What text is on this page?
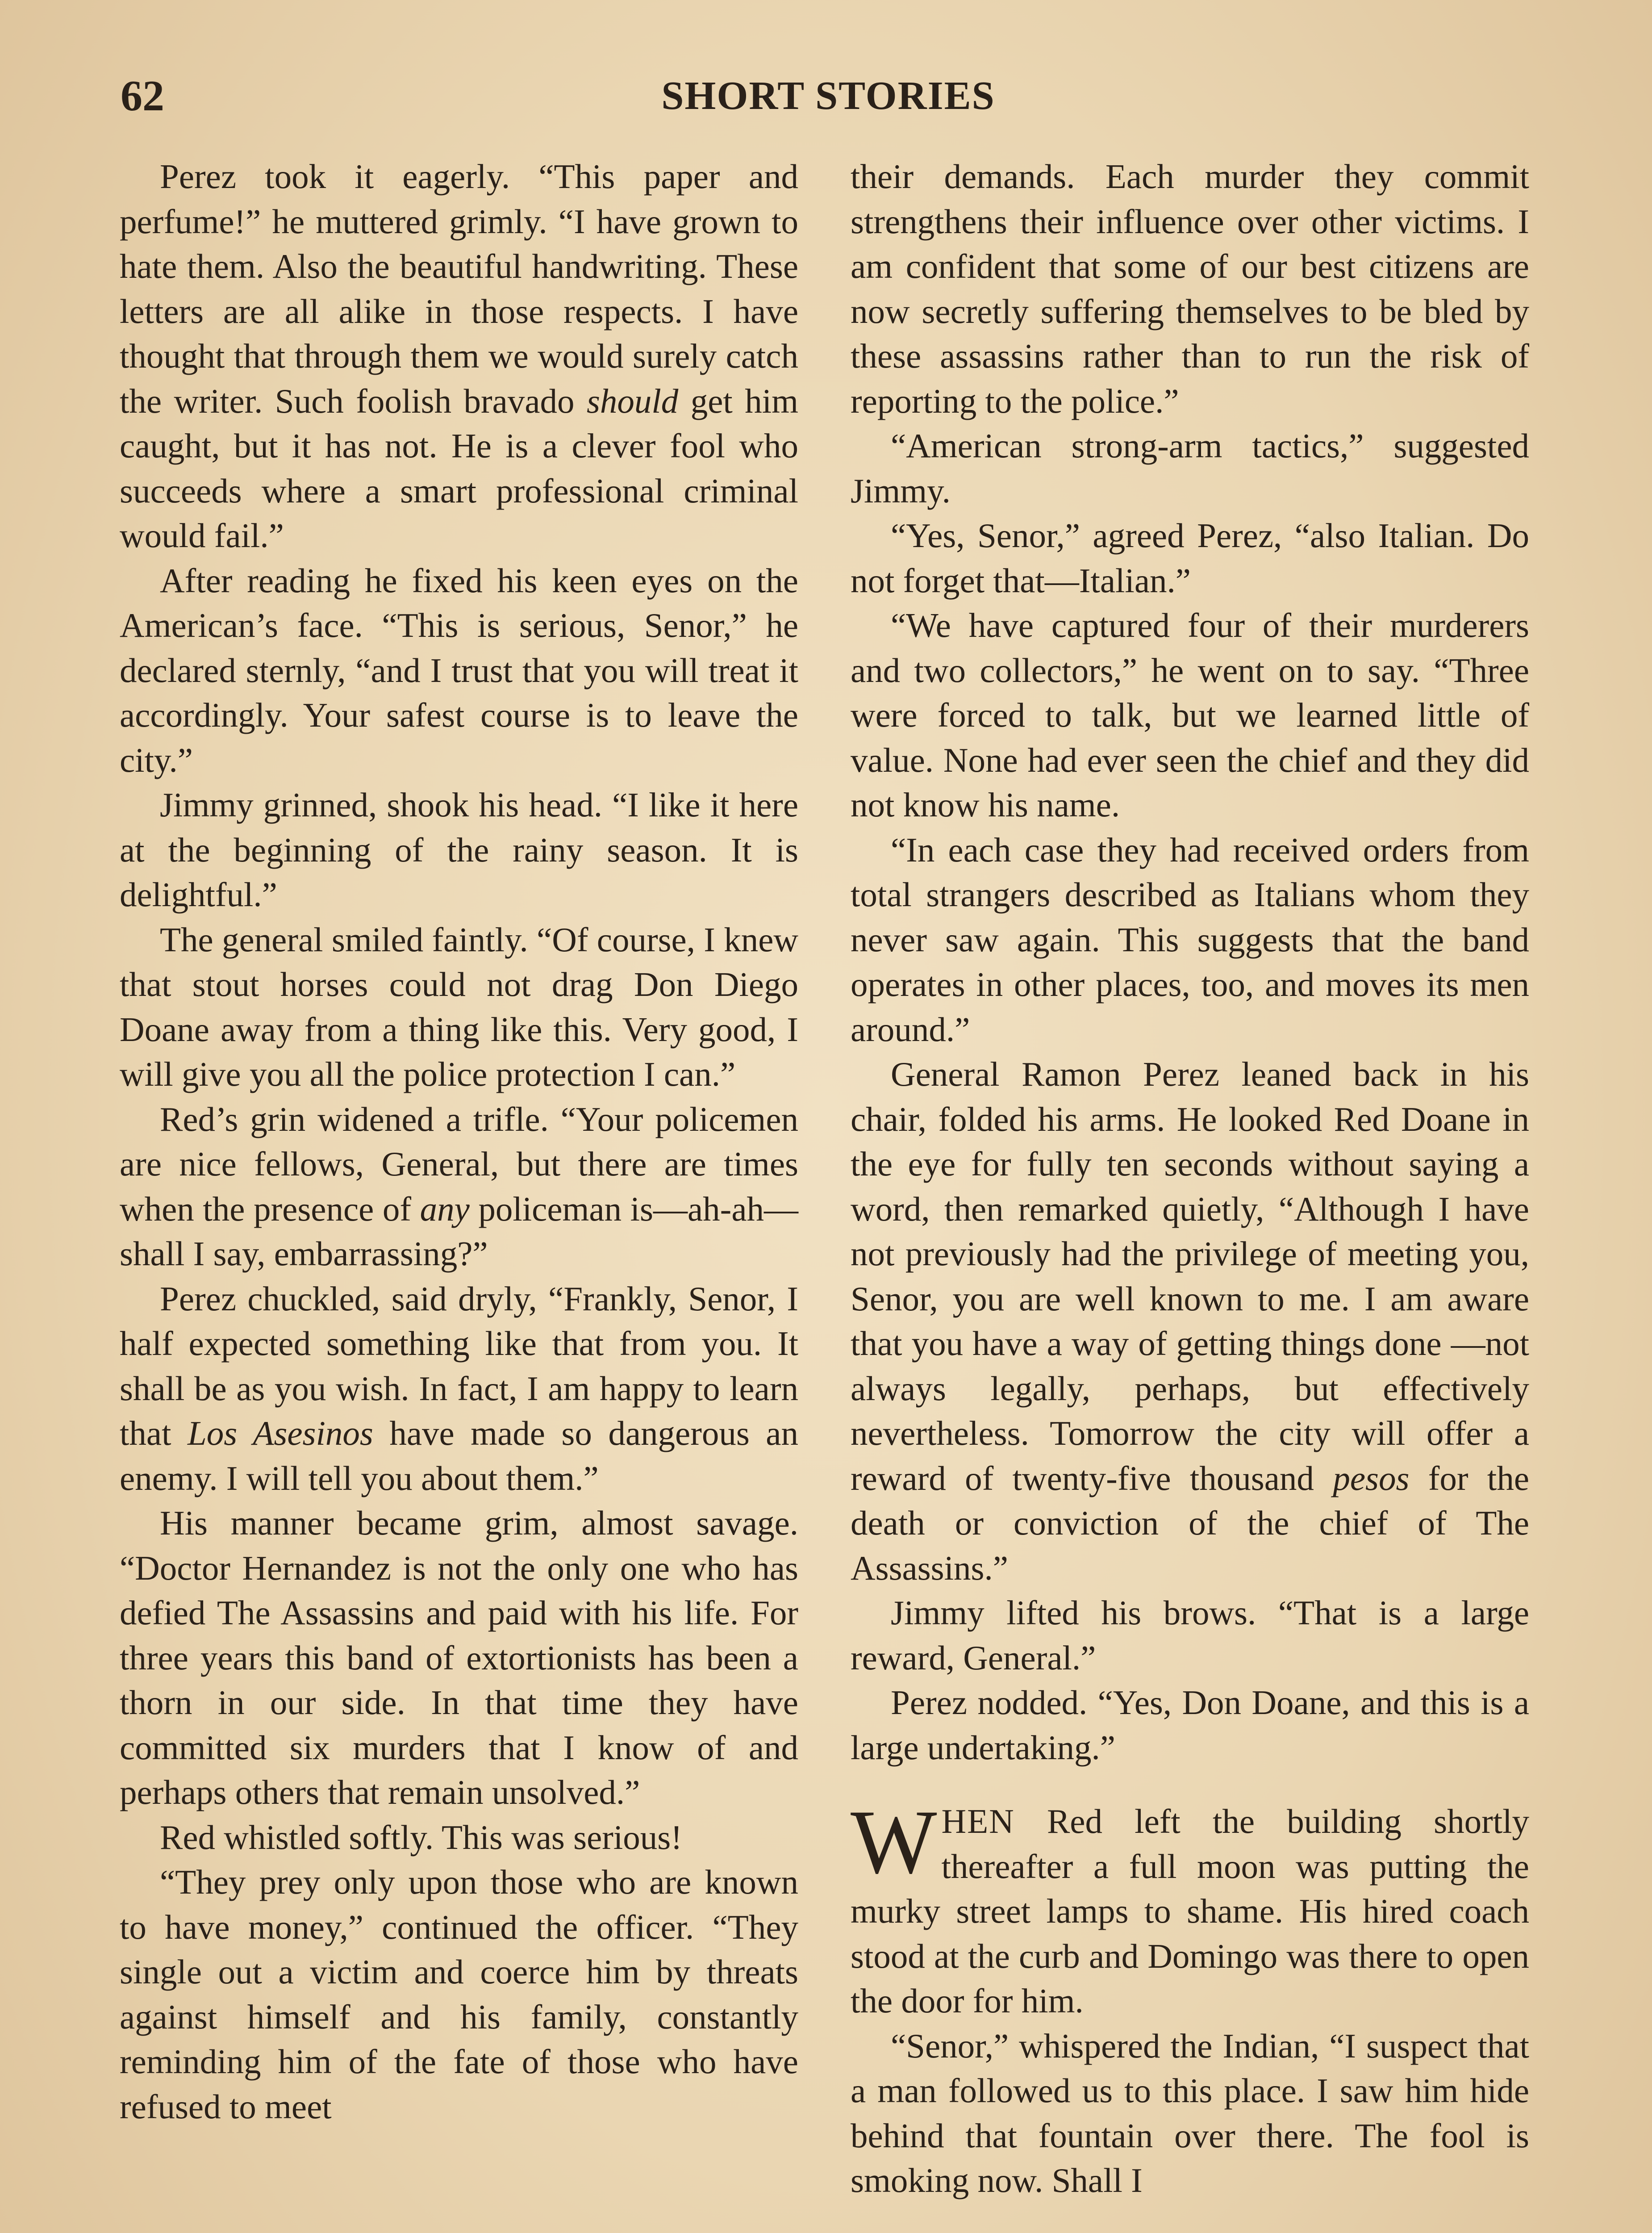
62	SHORT STORIES

Perez took it eagerly. “This paper and perfume!” he muttered grimly. “I have grown to hate them. Also the beautiful handwriting. These letters are all alike in those respects. I have thought that through them we would surely catch the writer. Such foolish bravado should get him caught, but it has not. He is a clever fool who succeeds where a smart professional criminal would fail.”

After reading he fixed his keen eyes on the American’s face. “This is serious, Senor,” he declared sternly, “and I trust that you will treat it accordingly. Your safest course is to leave the city.”

Jimmy grinned, shook his head. “I like it here at the beginning of the rainy season. It is delightful.”

The general smiled faintly. “Of course, I knew that stout horses could not drag Don Diego Doane away from a thing like this. Very good, I will give you all the police protection I can.”

Red’s grin widened a trifle. “Your policemen are nice fellows, General, but there are times when the presence of any policeman is—ah-ah—shall I say, embarrassing?”

Perez chuckled, said dryly, “Frankly, Senor, I half expected something like that from you. It shall be as you wish. In fact, I am happy to learn that Los Asesinos have made so dangerous an enemy. I will tell you about them.”

His manner became grim, almost savage. “Doctor Hernandez is not the only one who has defied The Assassins and paid with his life. For three years this band of extortionists has been a thorn in our side. In that time they have committed six murders that I know of and perhaps others that remain unsolved.”

Red whistled softly. This was serious!

“They prey only upon those who are known to have money,” continued the officer. “They single out a victim and coerce him by threats against himself and his family, constantly reminding him of the fate of those who have refused to meet

their demands. Each murder they commit strengthens their influence over other victims. I am confident that some of our best citizens are now secretly suffering themselves to be bled by these assassins rather than to run the risk of reporting to the police.”

“American strong-arm tactics,” suggested Jimmy.

“Yes, Senor,” agreed Perez, “also Italian. Do not forget that—Italian.”

“We have captured four of their murderers and two collectors,” he went on to say. “Three were forced to talk, but we learned little of value. None had ever seen the chief and they did not know his name.

“In each case they had received orders from total strangers described as Italians whom they never saw again. This suggests that the band operates in other places, too, and moves its men around.”

General Ramon Perez leaned back in his chair, folded his arms. He looked Red Doane in the eye for fully ten seconds without saying a word, then remarked quietly, “Although I have not previously had the privilege of meeting you, Senor, you are well known to me. I am aware that you have a way of getting things done —not always legally, perhaps, but effectively nevertheless. Tomorrow the city will offer a reward of twenty-five thousand pesos for the death or conviction of the chief of The Assassins.”

Jimmy lifted his brows. “That is a large reward, General.”

Perez nodded. “Yes, Don Doane, and this is a large undertaking.”

WHEN Red left the building shortly thereafter a full moon was putting the murky street lamps to shame. His hired coach stood at the curb and Domingo was there to open the door for him.

“Senor,” whispered the Indian, “I suspect that a man followed us to this place. I saw him hide behind that fountain over there. The fool is smoking now. Shall I
